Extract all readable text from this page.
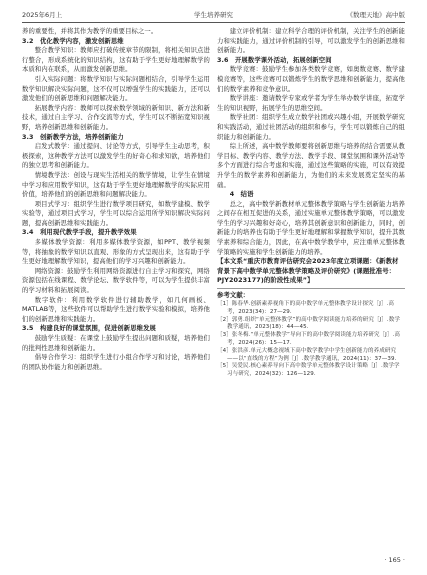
2025年6月上	学生培养研究	《数理天地》高中版
养的重要性，并将其作为教学的重要目标之一。
3.2　优化教学内容，激发创新思维
整合教学知识：教师应打破传统章节的限制，将相关知识点进行整合，形成系统化的知识结构，这有助于学生更好地理解数学的本质和内在联系，从而激发创新思维。
引入实际问题：将数学知识与实际问题相结合，引导学生运用数学知识解决实际问题，这不仅可以增强学生的实践能力，还可以激发他们的创新思维和问题解决能力。
拓展教学内容：教师可以探索数学领域的新知识、新方法和新技术，通过自主学习、合作交流等方式，学生可以不断拓宽知识视野，培养创新思维和创新能力。
3.3　创新教学方法，培养创新能力
启发式教学：通过提问、讨论等方式，引导学生主动思考，积极探索，这种教学方法可以激发学生的好奇心和求知欲，培养他们的独立思考和创新能力。
情境教学法：创设与现实生活相关的数学情境，让学生在情境中学习和应用数学知识，这有助于学生更好地理解数学的实际应用价值，培养他们的创新思维和问题解决能力。
项目式学习：组织学生进行数学项目研究，如数学建模、数学实验等，通过项目式学习，学生可以综合运用所学知识解决实际问题，提高创新思维和实践能力。
3.4　利用现代教学手段，提升教学效果
多媒体教学资源：利用多媒体教学资源，如PPT、教学视频等，将抽象的数学知识以直观、形象的方式呈现出来，这有助于学生更好地理解数学知识，提高他们的学习兴趣和创新能力。
网络资源：鼓励学生利用网络资源进行自主学习和探究，网络资源包括在线课程、数学论坛、数学软件等，可以为学生提供丰富的学习材料和拓展阅读。
数字软件：利用数学软件进行辅助教学，如几何画板、MATLAB等，这些软件可以帮助学生进行数学实验和模拟，培养他们的创新思维和实践能力。
3.5　构建良好的课堂氛围，促进创新思维发展
鼓励学生质疑：在课堂上鼓励学生提出问题和质疑，培养他们的批判性思维和创新能力。
倡导合作学习：组织学生进行小组合作学习和讨论，培养他们的团队协作能力和创新思维。
建立评价机制：建立科学合理的评价机制，关注学生的创新能力和实践能力，通过评价机制的引导，可以激发学生的创新思维和创新能力。
3.6　开展数学课外活动，拓展创新空间
数学竞赛：鼓励学生参加各类数学竞赛，如奥数竞赛、数学建模竞赛等，这些竞赛可以锻炼学生的数学思维和创新能力，提高他们的数学素养和竞争意识。
数学讲座：邀请数学专家或学者为学生举办数学讲座，拓宽学生的知识视野，拓展学生的思维空间。
数学社团：组织学生成立数学社团或兴趣小组，开展数学研究和实践活动，通过社团活动的组织和参与，学生可以锻炼自己的组织能力和创新能力。
综上所述，高中数学教师要将创新思维与培养的结合需要从教学目标、教学内容、教学方法、教学手段、课堂氛围和课外活动等多个方面进行综合考虑和实施，通过这些策略的实施，可以有效提升学生的数学素养和创新能力，为他们的未来发展奠定坚实的基础。
4　结语
总之，高中数学新教材单元整体教学策略与学生创新能力培养之间存在相互促进的关系，通过实施单元整体教学策略，可以激发学生的学习兴趣和好奇心，培养其创新意识和创新能力，同时，创新能力的培养也有助于学生更好地理解和掌握数学知识，提升其数学素养和综合能力，因此，在高中数学教学中，应注重单元整体教学策略的实施和学生创新能力的培养。
【本文系“重庆市教育评估研究会2023年度立项课题：《新教材背景下高中数学单元整体教学策略及评价研究》(课题批准号：PJY2023177)的阶段性成果”】
参考文献：
［1］陈春华.创新素养视角下的高中数学单元整体教学设计探究［J］.高考，2023(34)：27—29.
［2］郭勇.组织“单元整体教学”的高中数学阅读能力培养的研究［J］.数学教学通讯，2023(18)：44—45.
［3］张冬梅.“单元整体教学”导向下的高中数学阅读能力培养研究［J］.高考，2024(26)：15—17.
［4］张洪彦.单元大概念视域下高中数学教学中学生创新能力的养成研究——以“直线的方程”为例［J］.数学教学通讯，2024(11)：37—39.
［5］吴爱民.核心素养导向下高中数学单元整体教学设计策略［J］.数学学习与研究，2024(32)：126—129.
· 165 ·
